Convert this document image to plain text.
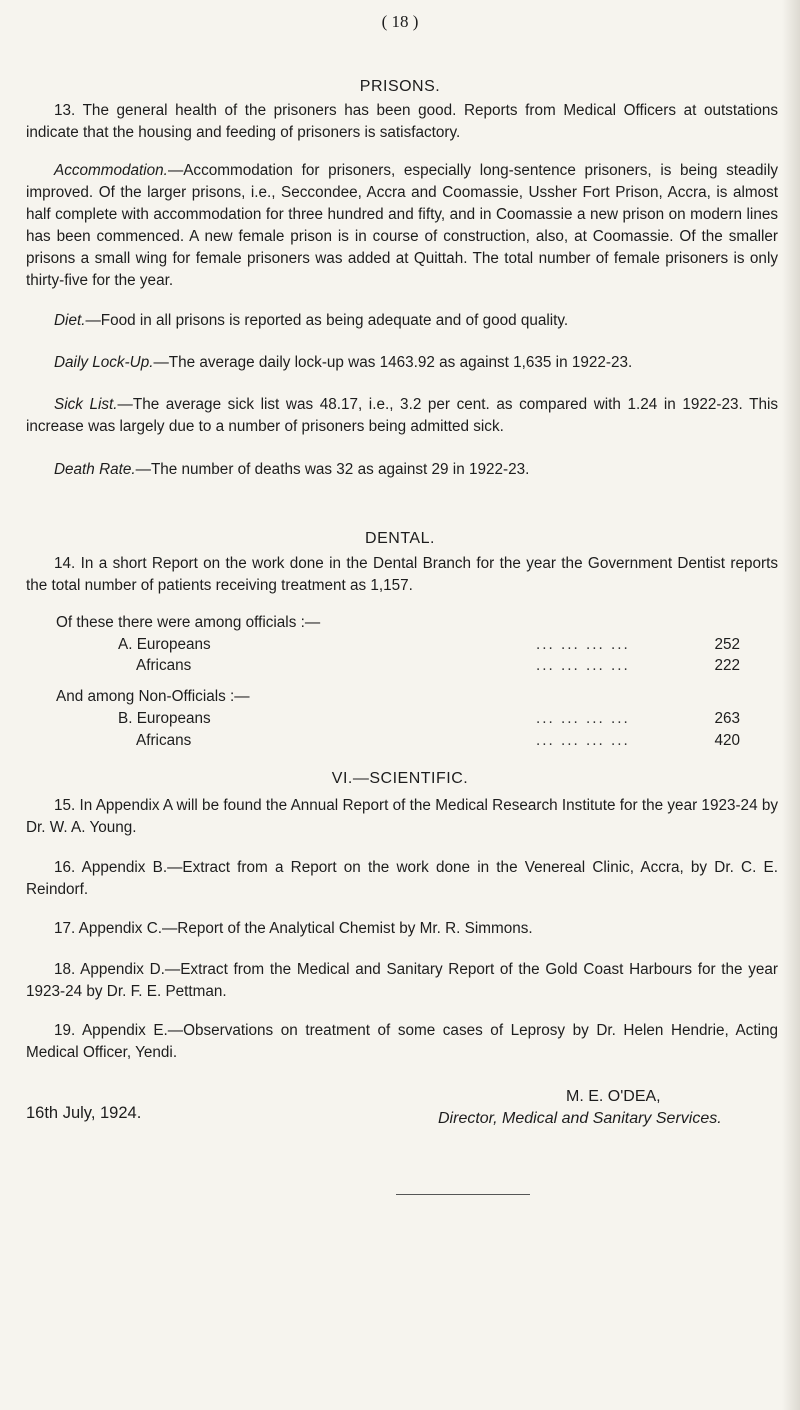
( 18 )
PRISONS.

13. The general health of the prisoners has been good. Reports from Medical Officers at outstations indicate that the housing and feeding of prisoners is satisfactory.

Accommodation.—Accommodation for prisoners, especially long-sentence prisoners, is being steadily improved. Of the larger prisons, i.e., Seccondee, Accra and Coomassie, Ussher Fort Prison, Accra, is almost half complete with accommodation for three hundred and fifty, and in Coomassie a new prison on modern lines has been commenced. A new female prison is in course of construction, also, at Coomassie. Of the smaller prisons a small wing for female prisoners was added at Quittah. The total number of female prisoners is only thirty-five for the year.

Diet.—Food in all prisons is reported as being adequate and of good quality.

Daily Lock-Up.—The average daily lock-up was 1463.92 as against 1,635 in 1922-23.

Sick List.—The average sick list was 48.17, i.e., 3.2 per cent. as compared with 1.24 in 1922-23. This increase was largely due to a number of prisoners being admitted sick.

Death Rate.—The number of deaths was 32 as against 29 in 1922-23.

DENTAL.

14. In a short Report on the work done in the Dental Branch for the year the Government Dentist reports the total number of patients receiving treatment as 1,157.

Of these there were among officials :—
A. Europeans	... ... ... ...	252
Africans	... ... ... ...	222
And among Non-Officials :—
B. Europeans	... ... ... ...	263
Africans	... ... ... ...	420
VI.—SCIENTIFIC.

15. In Appendix A will be found the Annual Report of the Medical Research Institute for the year 1923-24 by Dr. W. A. Young.

16. Appendix B.—Extract from a Report on the work done in the Venereal Clinic, Accra, by Dr. C. E. Reindorf.

17. Appendix C.—Report of the Analytical Chemist by Mr. R. Simmons.

18. Appendix D.—Extract from the Medical and Sanitary Report of the Gold Coast Harbours for the year 1923-24 by Dr. F. E. Pettman.

19. Appendix E.—Observations on treatment of some cases of Leprosy by Dr. Helen Hendrie, Acting Medical Officer, Yendi.

16th July, 1924.
M. E. O'DEA,
Director, Medical and Sanitary Services.
